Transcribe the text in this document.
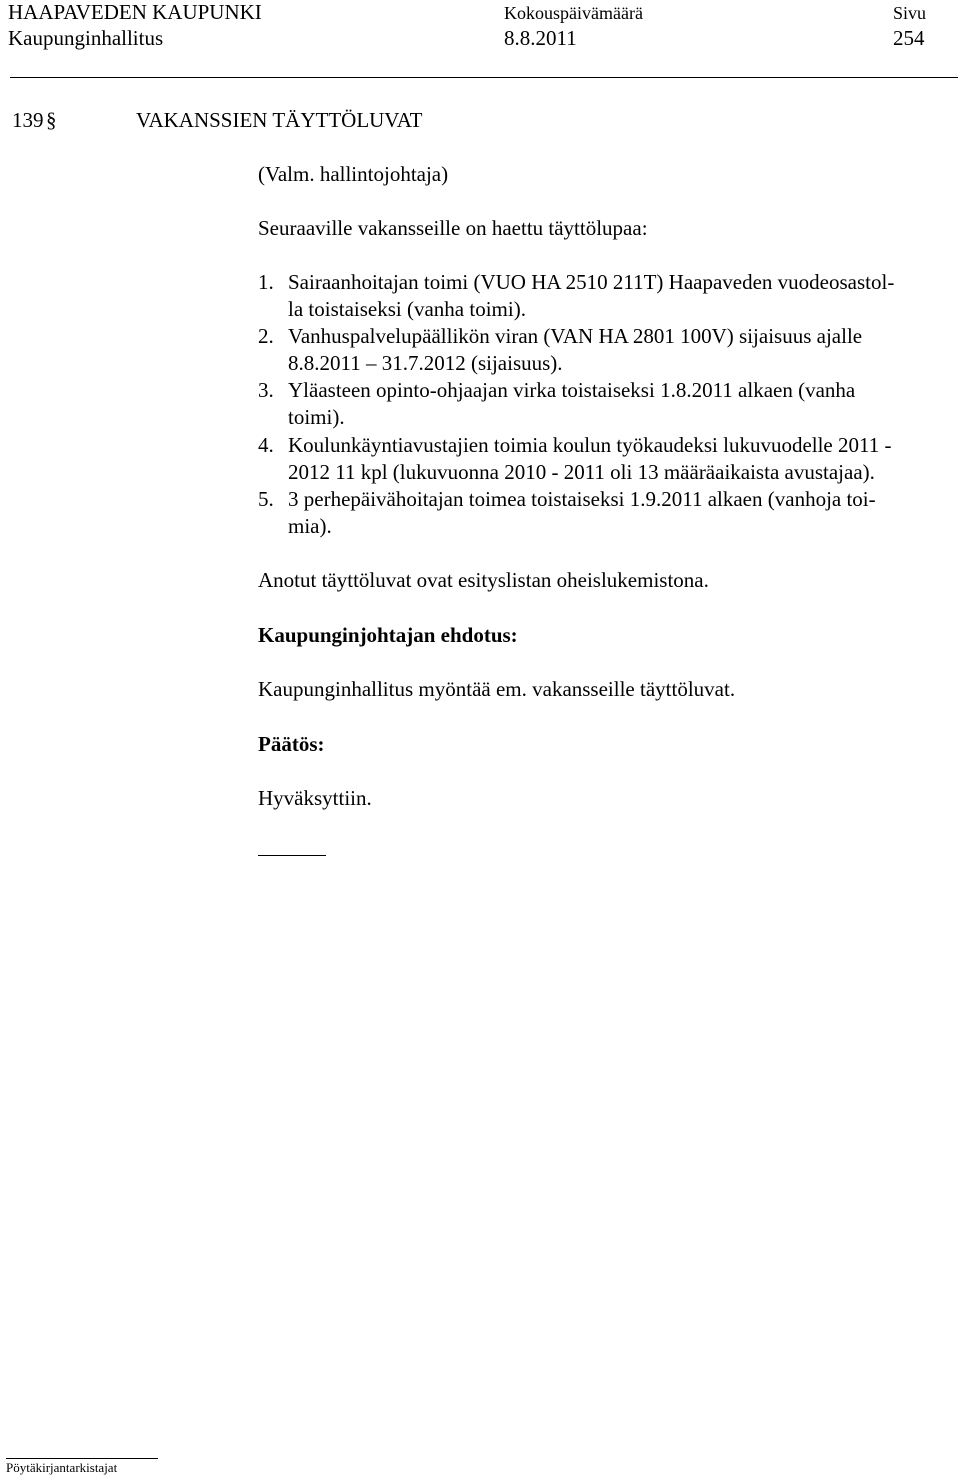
HAAPAVEDEN KAUPUNKI	Kokouspäivämäärä	Sivu
Kaupunginhallitus	8.8.2011	254
139 §	VAKANSSIEN TÄYTTÖLUVAT
(Valm. hallintojohtaja)
Seuraaville vakansseille on haettu täyttölupaa:
1. Sairaanhoitajan toimi (VUO HA 2510 211T) Haapaveden vuodeosastol-
la toistaiseksi (vanha toimi).
2. Vanhuspalvelupäällikön viran (VAN HA 2801 100V) sijaisuus ajalle
8.8.2011 – 31.7.2012 (sijaisuus).
3. Yläasteen opinto-ohjaajan virka toistaiseksi 1.8.2011 alkaen (vanha
toimi).
4. Koulunkäyntiavustajien toimia koulun työkaudeksi lukuvuodelle 2011 -
2012 11 kpl (lukuvuonna 2010 - 2011 oli 13 määräaikaista avustajaa).
5. 3 perhepäivähoitajan toimea toistaiseksi 1.9.2011 alkaen (vanhoja toi-
mia).
Anotut täyttöluvat ovat esityslistan oheislukemistona.
Kaupunginjohtajan ehdotus:
Kaupunginhallitus myöntää em. vakansseille täyttöluvat.
Päätös:
Hyväksyttiin.
Pöytäkirjantarkistajat
